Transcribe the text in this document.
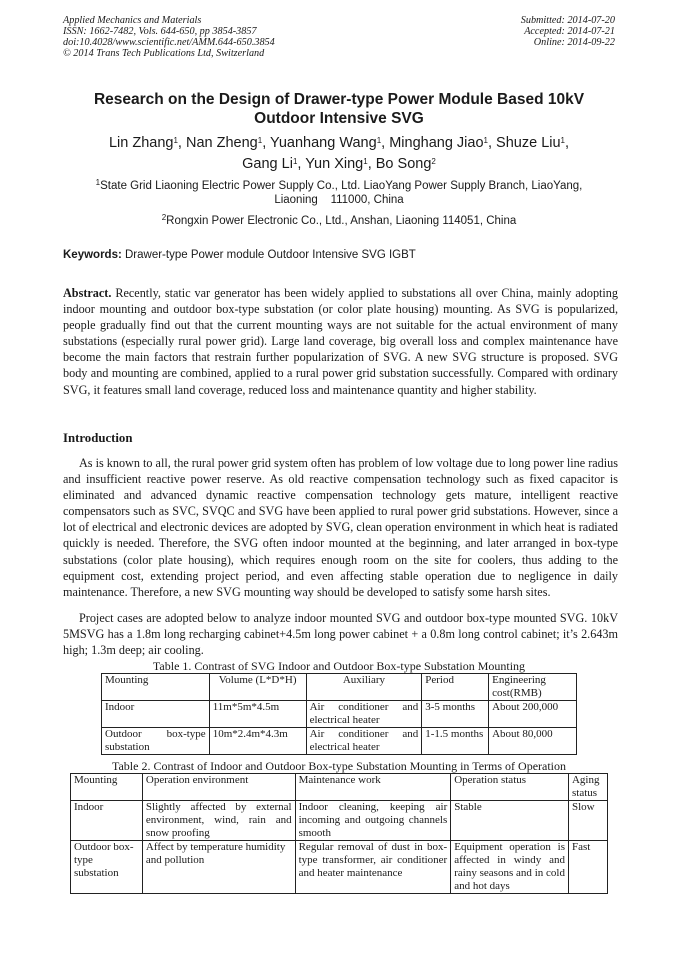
Applied Mechanics and Materials
ISSN: 1662-7482, Vols. 644-650, pp 3854-3857
doi:10.4028/www.scientific.net/AMM.644-650.3854
© 2014 Trans Tech Publications Ltd, Switzerland
Submitted: 2014-07-20
Accepted: 2014-07-21
Online: 2014-09-22
Research on the Design of Drawer-type Power Module Based 10kV
Outdoor Intensive SVG
Lin Zhang$^1$, Nan Zheng$^1$, Yuanhang Wang$^1$, Minghang Jiao$^1$, Shuze Liu$^1$,
Gang Li$^1$, Yun Xing$^1$, Bo Song$^2$
$^1$State Grid Liaoning Electric Power Supply Co., Ltd. LiaoYang Power Supply Branch, LiaoYang,
Liaoning    111000, China
$^2$Rongxin Power Electronic Co., Ltd., Anshan, Liaoning 114051, China
Keywords: Drawer-type Power module Outdoor Intensive SVG IGBT
Abstract. Recently, static var generator has been widely applied to substations all over China, mainly adopting indoor mounting and outdoor box-type substation (or color plate housing) mounting. As SVG is popularized, people gradually find out that the current mounting ways are not suitable for the actual environment of many substations (especially rural power grid). Large land coverage, big overall loss and complex maintenance have become the main factors that restrain further popularization of SVG. A new SVG structure is proposed. SVG body and mounting are combined, applied to a rural power grid substation successfully. Compared with ordinary SVG, it features small land coverage, reduced loss and maintenance quantity and higher stability.
Introduction
As is known to all, the rural power grid system often has problem of low voltage due to long power line radius and insufficient reactive power reserve. As old reactive compensation technology such as fixed capacitor is eliminated and advanced dynamic reactive compensation technology gets mature, intelligent reactive compensators such as SVC, SVQC and SVG have been applied to rural power grid substations. However, since a lot of electrical and electronic devices are adopted by SVG, clean operation environment in which heat is radiated quickly is needed. Therefore, the SVG often indoor mounted at the beginning, and later arranged in box-type substations (color plate housing), which requires enough room on the site for coolers, thus adding to the equipment cost, extending project period, and even affecting stable operation due to negligence in daily maintenance. Therefore, a new SVG mounting way should be developed to satisfy some harsh sites.
Project cases are adopted below to analyze indoor mounted SVG and outdoor box-type mounted SVG. 10kV 5MSVG has a 1.8m long recharging cabinet+4.5m long power cabinet + a 0.8m long control cabinet; it’s 2.643m high; 1.3m deep; air cooling.
Table 1. Contrast of SVG Indoor and Outdoor Box-type Substation Mounting
Mounting	Volume (L*D*H)	Auxiliary	Period	Engineering cost(RMB)
Indoor	11m*5m*4.5m	Air conditioner and electrical heater	3-5 months	About 200,000
Outdoor box-type substation	10m*2.4m*4.3m	Air conditioner and electrical heater	1-1.5 months	About 80,000
Table 2. Contrast of Indoor and Outdoor Box-type Substation Mounting in Terms of Operation
Mounting	Operation environment	Maintenance work	Operation status	Aging status
Indoor	Slightly affected by external environment, wind, rain and snow proofing	Indoor cleaning, keeping air incoming and outgoing channels smooth	Stable	Slow
Outdoor box-type substation	Affect by temperature humidity and pollution	Regular removal of dust in box-type transformer, air conditioner and heater maintenance	Equipment operation is affected in windy and rainy seasons and in cold and hot days	Fast
